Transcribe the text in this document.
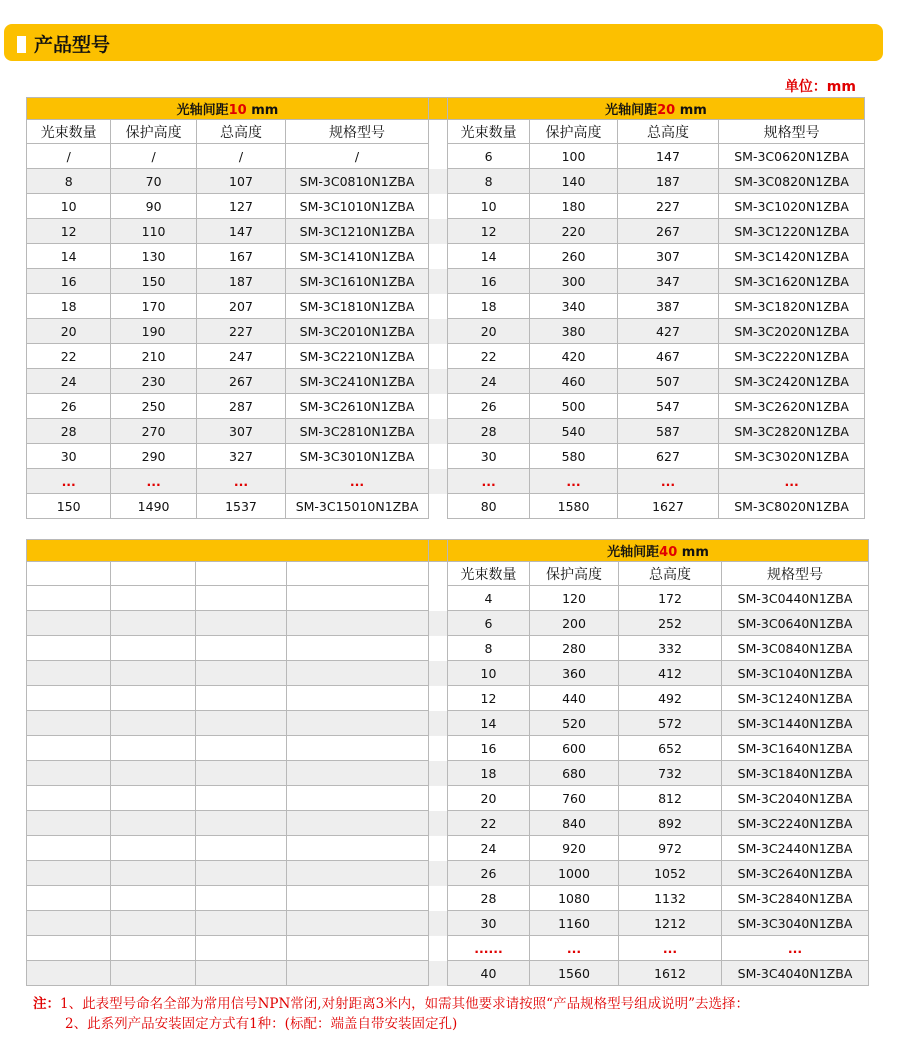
产品型号
单位：mm
光轴间距10 mm					光轴间距20 mm			
光束数量	保护高度	总高度	规格型号		光束数量	保护高度	总高度	规格型号
/	/	/	/		6	100	147	SM-3C0620N1ZBA
8	70	107	SM-3C0810N1ZBA		8	140	187	SM-3C0820N1ZBA
10	90	127	SM-3C1010N1ZBA		10	180	227	SM-3C1020N1ZBA
12	110	147	SM-3C1210N1ZBA		12	220	267	SM-3C1220N1ZBA
14	130	167	SM-3C1410N1ZBA		14	260	307	SM-3C1420N1ZBA
16	150	187	SM-3C1610N1ZBA		16	300	347	SM-3C1620N1ZBA
18	170	207	SM-3C1810N1ZBA		18	340	387	SM-3C1820N1ZBA
20	190	227	SM-3C2010N1ZBA		20	380	427	SM-3C2020N1ZBA
22	210	247	SM-3C2210N1ZBA		22	420	467	SM-3C2220N1ZBA
24	230	267	SM-3C2410N1ZBA		24	460	507	SM-3C2420N1ZBA
26	250	287	SM-3C2610N1ZBA		26	500	547	SM-3C2620N1ZBA
28	270	307	SM-3C2810N1ZBA		28	540	587	SM-3C2820N1ZBA
30	290	327	SM-3C3010N1ZBA		30	580	627	SM-3C3020N1ZBA
...	...	...	...		...	...	...	...
150	1490	1537	SM-3C15010N1ZBA		80	1580	1627	SM-3C8020N1ZBA
					光轴间距40 mm			
					光束数量	保护高度	总高度	规格型号
					4	120	172	SM-3C0440N1ZBA
					6	200	252	SM-3C0640N1ZBA
					8	280	332	SM-3C0840N1ZBA
					10	360	412	SM-3C1040N1ZBA
					12	440	492	SM-3C1240N1ZBA
					14	520	572	SM-3C1440N1ZBA
					16	600	652	SM-3C1640N1ZBA
					18	680	732	SM-3C1840N1ZBA
					20	760	812	SM-3C2040N1ZBA
					22	840	892	SM-3C2240N1ZBA
					24	920	972	SM-3C2440N1ZBA
					26	1000	1052	SM-3C2640N1ZBA
					28	1080	1132	SM-3C2840N1ZBA
					30	1160	1212	SM-3C3040N1ZBA
					......	...	...	...
					40	1560	1612	SM-3C4040N1ZBA
注：1、此表型号命名全部为常用信号NPN常闭,对射距离3米内，如需其他要求请按照“产品规格型号组成说明”去选择：
2、此系列产品安装固定方式有1种：(标配：端盖自带安装固定孔)
